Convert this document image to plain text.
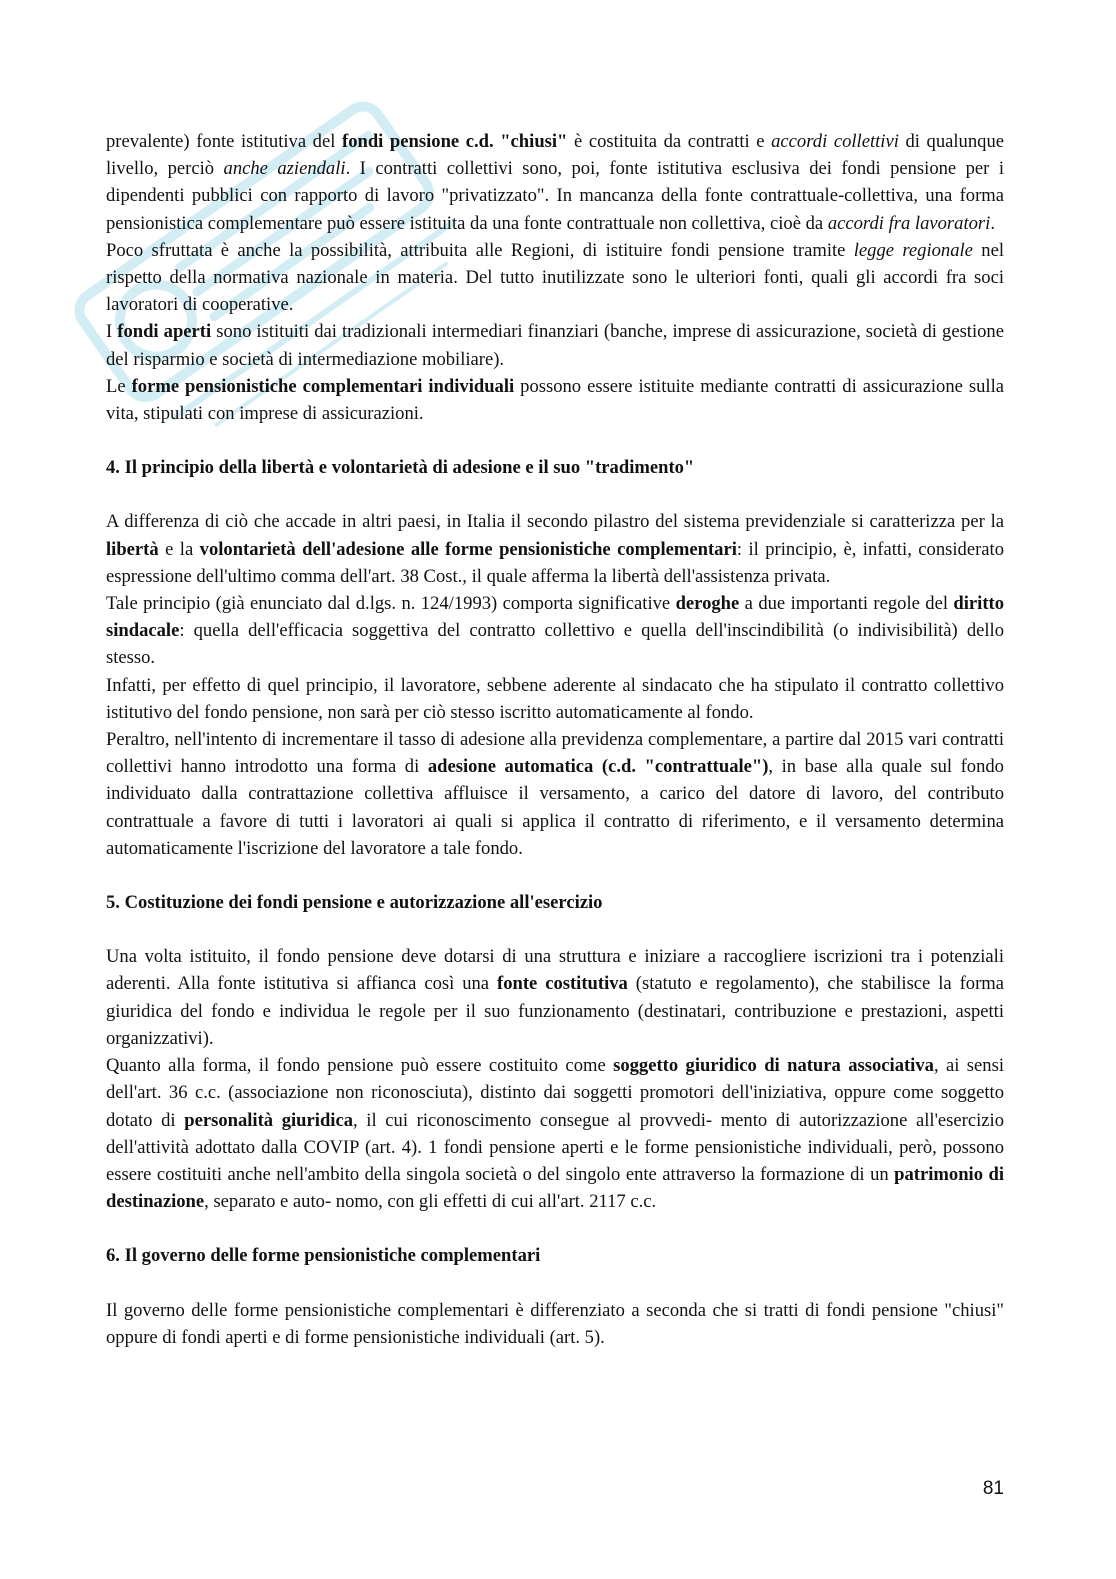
prevalente) fonte istitutiva del fondi pensione c.d. "chiusi" è costituita da contratti e accordi collettivi di qualunque livello, perciò anche aziendali. I contratti collettivi sono, poi, fonte istitutiva esclusiva dei fondi pensione per i dipendenti pubblici con rapporto di lavoro "privatizzato". In mancanza della fonte contrattuale-collettiva, una forma pensionistica complementare può essere istituita da una fonte contrattuale non collettiva, cioè da accordi fra lavoratori.

Poco sfruttata è anche la possibilità, attribuita alle Regioni, di istituire fondi pensione tramite legge regionale nel rispetto della normativa nazionale in materia. Del tutto inutilizzate sono le ulteriori fonti, quali gli accordi fra soci lavoratori di cooperative.

I fondi aperti sono istituiti dai tradizionali intermediari finanziari (banche, imprese di assicurazione, società di gestione del risparmio e società di intermediazione mobiliare).

Le forme pensionistiche complementari individuali possono essere istituite mediante contratti di assicurazione sulla vita, stipulati con imprese di assicurazioni.

4. Il principio della libertà e volontarietà di adesione e il suo "tradimento"

A differenza di ciò che accade in altri paesi, in Italia il secondo pilastro del sistema previdenziale si caratterizza per la libertà e la volontarietà dell'adesione alle forme pensionistiche complementari: il principio, è, infatti, considerato espressione dell'ultimo comma dell'art. 38 Cost., il quale afferma la libertà dell'assistenza privata.

Tale principio (già enunciato dal d.lgs. n. 124/1993) comporta significative deroghe a due importanti regole del diritto sindacale: quella dell'efficacia soggettiva del contratto collettivo e quella dell'inscindibilità (o indivisibilità) dello stesso.

Infatti, per effetto di quel principio, il lavoratore, sebbene aderente al sindacato che ha stipulato il contratto collettivo istitutivo del fondo pensione, non sarà per ciò stesso iscritto automaticamente al fondo.

Peraltro, nell'intento di incrementare il tasso di adesione alla previdenza complementare, a partire dal 2015 vari contratti collettivi hanno introdotto una forma di adesione automatica (c.d. "contrattuale"), in base alla quale sul fondo individuato dalla contrattazione collettiva affluisce il versamento, a carico del datore di lavoro, del contributo contrattuale a favore di tutti i lavoratori ai quali si applica il contratto di riferimento, e il versamento determina automaticamente l'iscrizione del lavoratore a tale fondo.

5. Costituzione dei fondi pensione e autorizzazione all'esercizio

Una volta istituito, il fondo pensione deve dotarsi di una struttura e iniziare a raccogliere iscrizioni tra i potenziali aderenti. Alla fonte istitutiva si affianca così una fonte costitutiva (statuto e regolamento), che stabilisce la forma giuridica del fondo e individua le regole per il suo funzionamento (destinatari, contribuzione e prestazioni, aspetti organizzativi).

Quanto alla forma, il fondo pensione può essere costituito come soggetto giuridico di natura associativa, ai sensi dell'art. 36 c.c. (associazione non riconosciuta), distinto dai soggetti promotori dell'iniziativa, oppure come soggetto dotato di personalità giuridica, il cui riconoscimento consegue al provvedi- mento di autorizzazione all'esercizio dell'attività adottato dalla COVIP (art. 4). 1 fondi pensione aperti e le forme pensionistiche individuali, però, possono essere costituiti anche nell'ambito della singola società o del singolo ente attraverso la formazione di un patrimonio di destinazione, separato e auto- nomo, con gli effetti di cui all'art. 2117 c.c.

6. Il governo delle forme pensionistiche complementari

Il governo delle forme pensionistiche complementari è differenziato a seconda che si tratti di fondi pensione "chiusi" oppure di fondi aperti e di forme pensionistiche individuali (art. 5).

81
